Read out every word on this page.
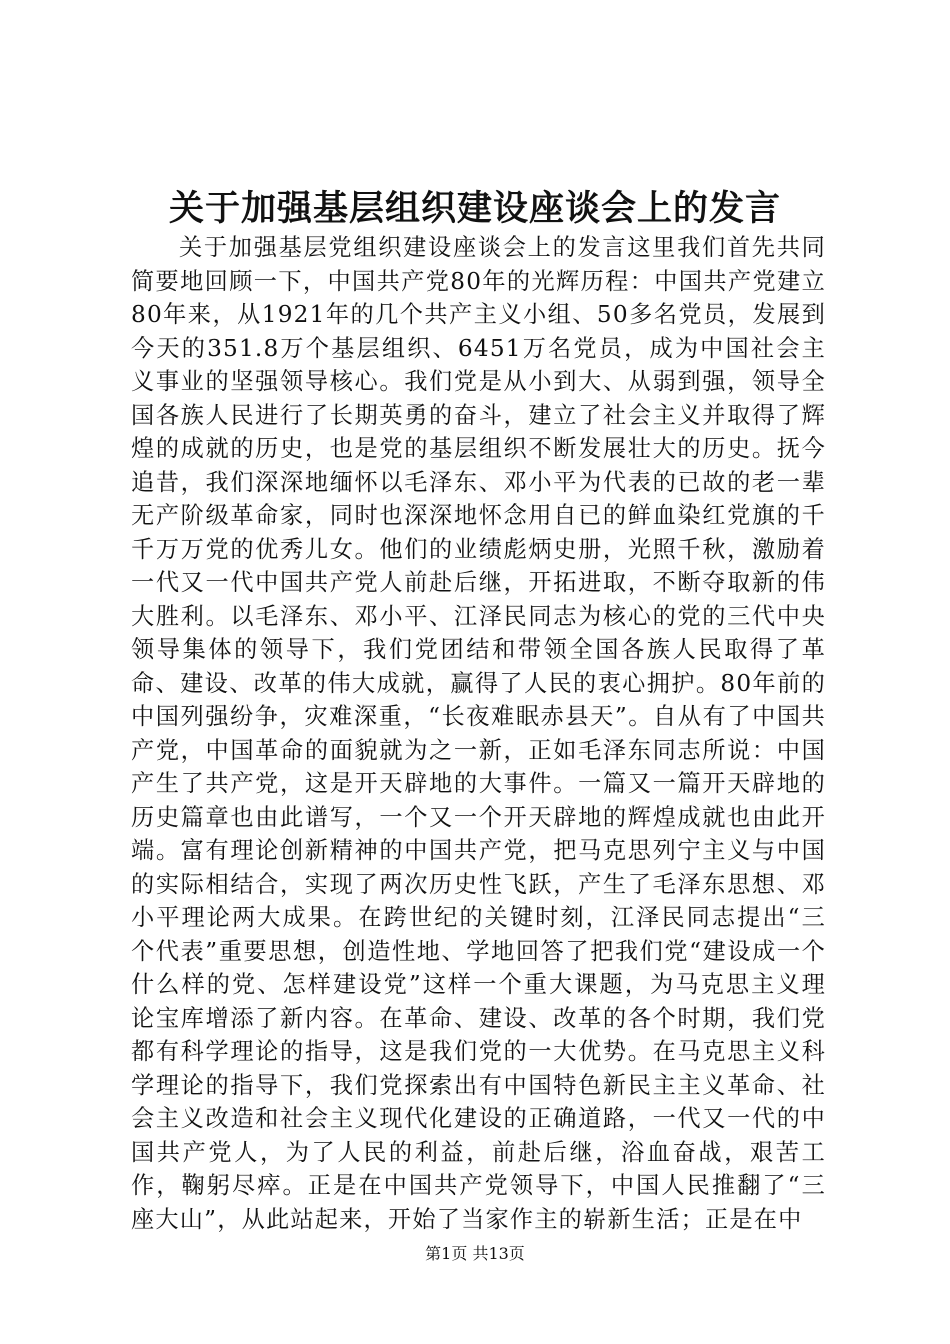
关于加强基层组织建设座谈会上的发言

关于加强基层党组织建设座谈会上的发言这里我们首先共同简要地回顾一下，中国共产党80年的光辉历程：中国共产党建立80年来，从1921年的几个共产主义小组、50多名党员，发展到今天的351.8万个基层组织、6451万名党员，成为中国社会主义事业的坚强领导核心。我们党是从小到大、从弱到强，领导全国各族人民进行了长期英勇的奋斗，建立了社会主义并取得了辉煌的成就的历史，也是党的基层组织不断发展壮大的历史。抚今追昔，我们深深地缅怀以毛泽东、邓小平为代表的已故的老一辈无产阶级革命家，同时也深深地怀念用自已的鲜血染红党旗的千千万万党的优秀儿女。他们的业绩彪炳史册，光照千秋，激励着一代又一代中国共产党人前赴后继，开拓进取，不断夺取新的伟大胜利。以毛泽东、邓小平、江泽民同志为核心的党的三代中央领导集体的领导下，我们党团结和带领全国各族人民取得了革命、建设、改革的伟大成就，赢得了人民的衷心拥护。80年前的中国列强纷争，灾难深重，“长夜难眠赤县天”。自从有了中国共产党，中国革命的面貌就为之一新，正如毛泽东同志所说：中国产生了共产党，这是开天辟地的大事件。一篇又一篇开天辟地的历史篇章也由此谱写，一个又一个开天辟地的辉煌成就也由此开端。富有理论创新精神的中国共产党，把马克思列宁主义与中国的实际相结合，实现了两次历史性飞跃，产生了毛泽东思想、邓小平理论两大成果。在跨世纪的关键时刻，江泽民同志提出“三个代表”重要思想，创造性地、学地回答了把我们党“建设成一个什么样的党、怎样建设党”这样一个重大课题，为马克思主义理论宝库增添了新内容。在革命、建设、改革的各个时期，我们党都有科学理论的指导，这是我们党的一大优势。在马克思主义科学理论的指导下，我们党探索出有中国特色新民主主义革命、社会主义改造和社会主义现代化建设的正确道路，一代又一代的中国共产党人，为了人民的利益，前赴后继，浴血奋战，艰苦工作，鞠躬尽瘁。正是在中国共产党领导下，中国人民推翻了“三座大山”，从此站起来，开始了当家作主的崭新生活；正是在中

第1页 共13页
